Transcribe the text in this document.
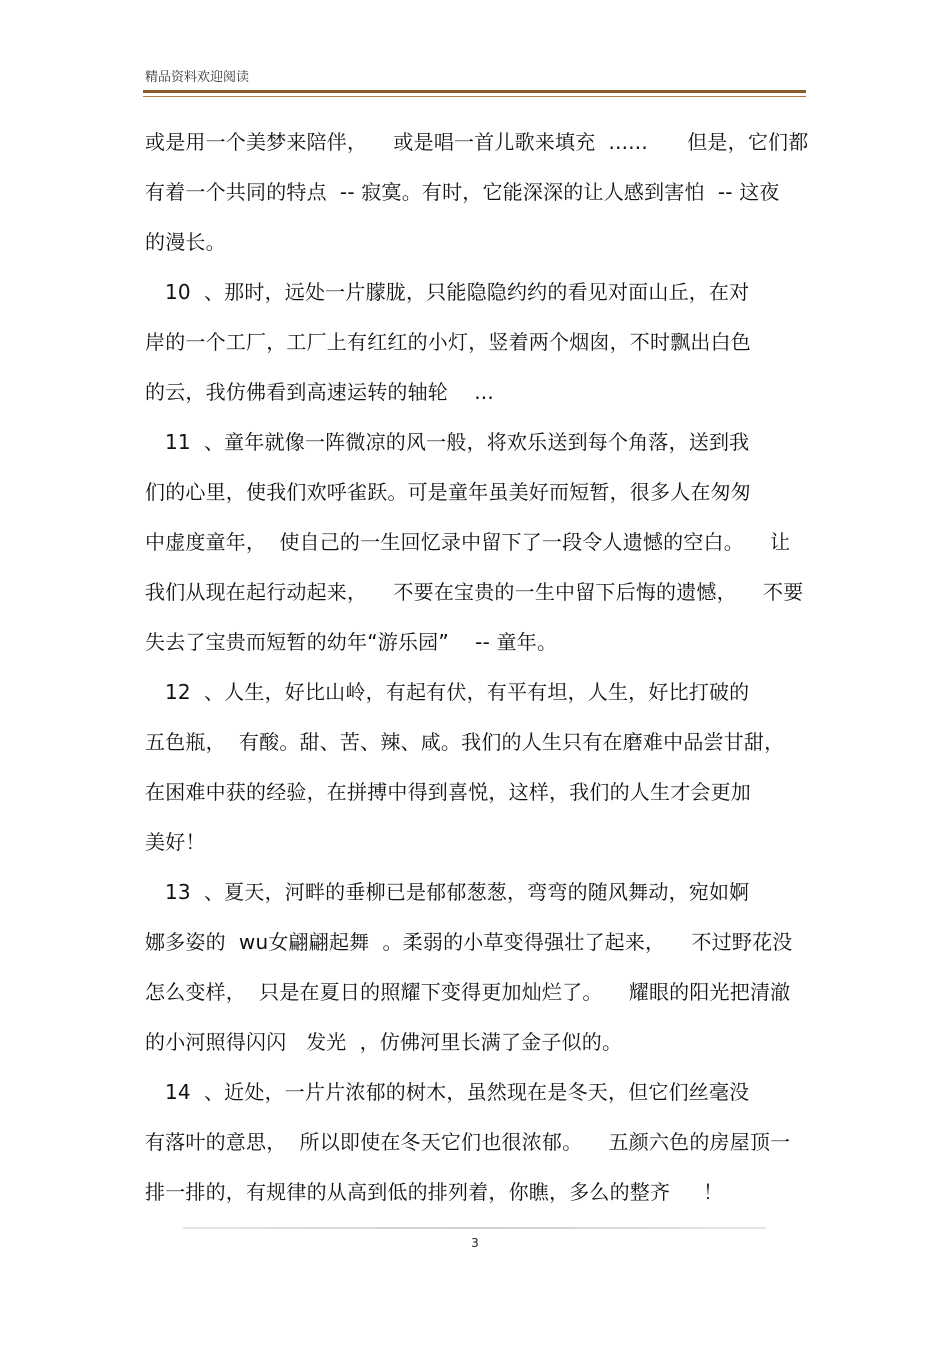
精品资料欢迎阅读
或是用一个美梦来陪伴，    或是唱一首儿歌来填充  ......      但是，它们都
有着一个共同的特点  -- 寂寞。有时，它能深深的让人感到害怕  -- 这夜
的漫长。
10  、那时，远处一片朦胧，只能隐隐约约的看见对面山丘，在对
岸的一个工厂，工厂上有红红的小灯，竖着两个烟囱，不时飘出白色
的云，我仿佛看到高速运转的轴轮    ...
11  、童年就像一阵微凉的风一般，将欢乐送到每个角落，送到我
们的心里，使我们欢呼雀跃。可是童年虽美好而短暂，很多人在匆匆
中虚度童年，  使自己的一生回忆录中留下了一段令人遗憾的空白。    让
我们从现在起行动起来，    不要在宝贵的一生中留下后悔的遗憾，    不要
失去了宝贵而短暂的幼年“游乐园”    -- 童年。
12  、人生，好比山岭，有起有伏，有平有坦，人生，好比打破的
五色瓶，  有酸。甜、苦、辣、咸。我们的人生只有在磨难中品尝甘甜，
在困难中获的经验，在拼搏中得到喜悦，这样，我们的人生才会更加
美好！
13  、夏天，河畔的垂柳已是郁郁葱葱，弯弯的随风舞动，宛如婀
娜多姿的  wu女翩翩起舞  。柔弱的小草变得强壮了起来，    不过野花没
怎么变样，  只是在夏日的照耀下变得更加灿烂了。    耀眼的阳光把清澈
的小河照得闪闪   发光  ，仿佛河里长满了金子似的。
14  、近处，一片片浓郁的树木，虽然现在是冬天，但它们丝毫没
有落叶的意思，  所以即使在冬天它们也很浓郁。    五颜六色的房屋顶一
排一排的，有规律的从高到低的排列着，你瞧，多么的整齐     ！
3
